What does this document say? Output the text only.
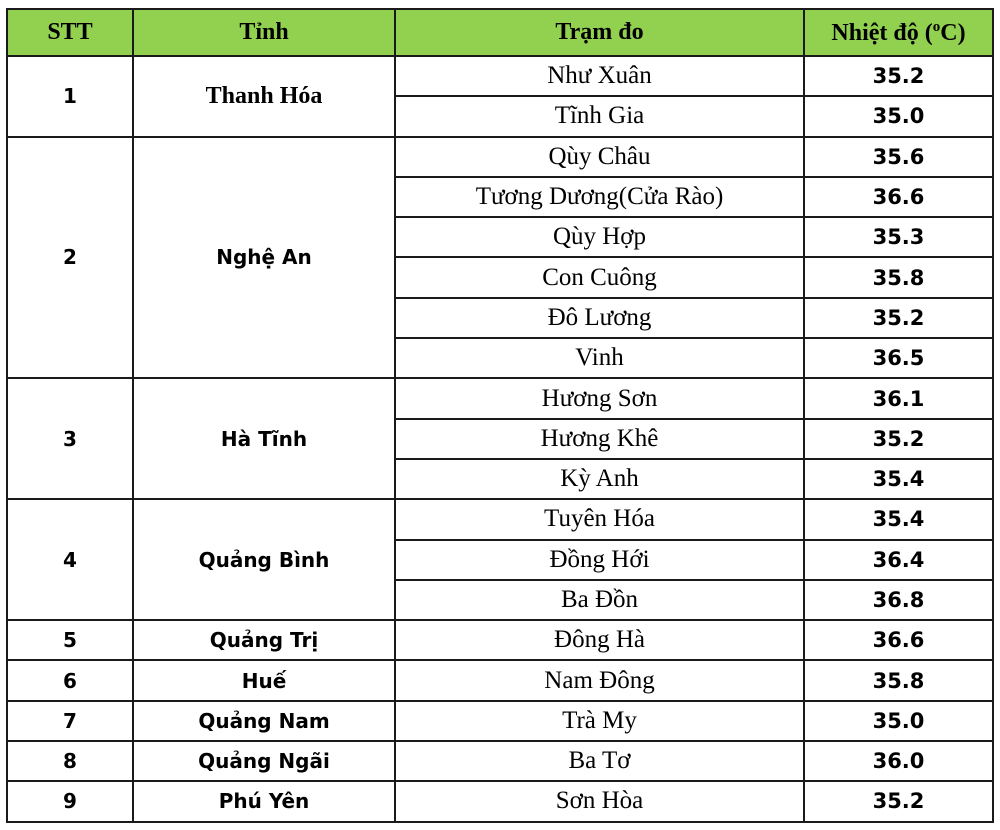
STT	Tỉnh	Trạm đo	Nhiệt độ ($^o$C)
1	Thanh Hóa	Như Xuân	35.2
		Tĩnh Gia	35.0
2	Nghệ An	Qùy Châu	35.6
		Tương Dương(Cửa Rào)	36.6
		Qùy Hợp	35.3
		Con Cuông	35.8
		Đô Lương	35.2
		Vinh	36.5
3	Hà Tĩnh	Hương Sơn	36.1
		Hương Khê	35.2
		Kỳ Anh	35.4
4	Quảng Bình	Tuyên Hóa	35.4
		Đồng Hới	36.4
		Ba Đồn	36.8
5	Quảng Trị	Đông Hà	36.6
6	Huế	Nam Đông	35.8
7	Quảng Nam	Trà My	35.0
8	Quảng Ngãi	Ba Tơ	36.0
9	Phú Yên	Sơn Hòa	35.2
